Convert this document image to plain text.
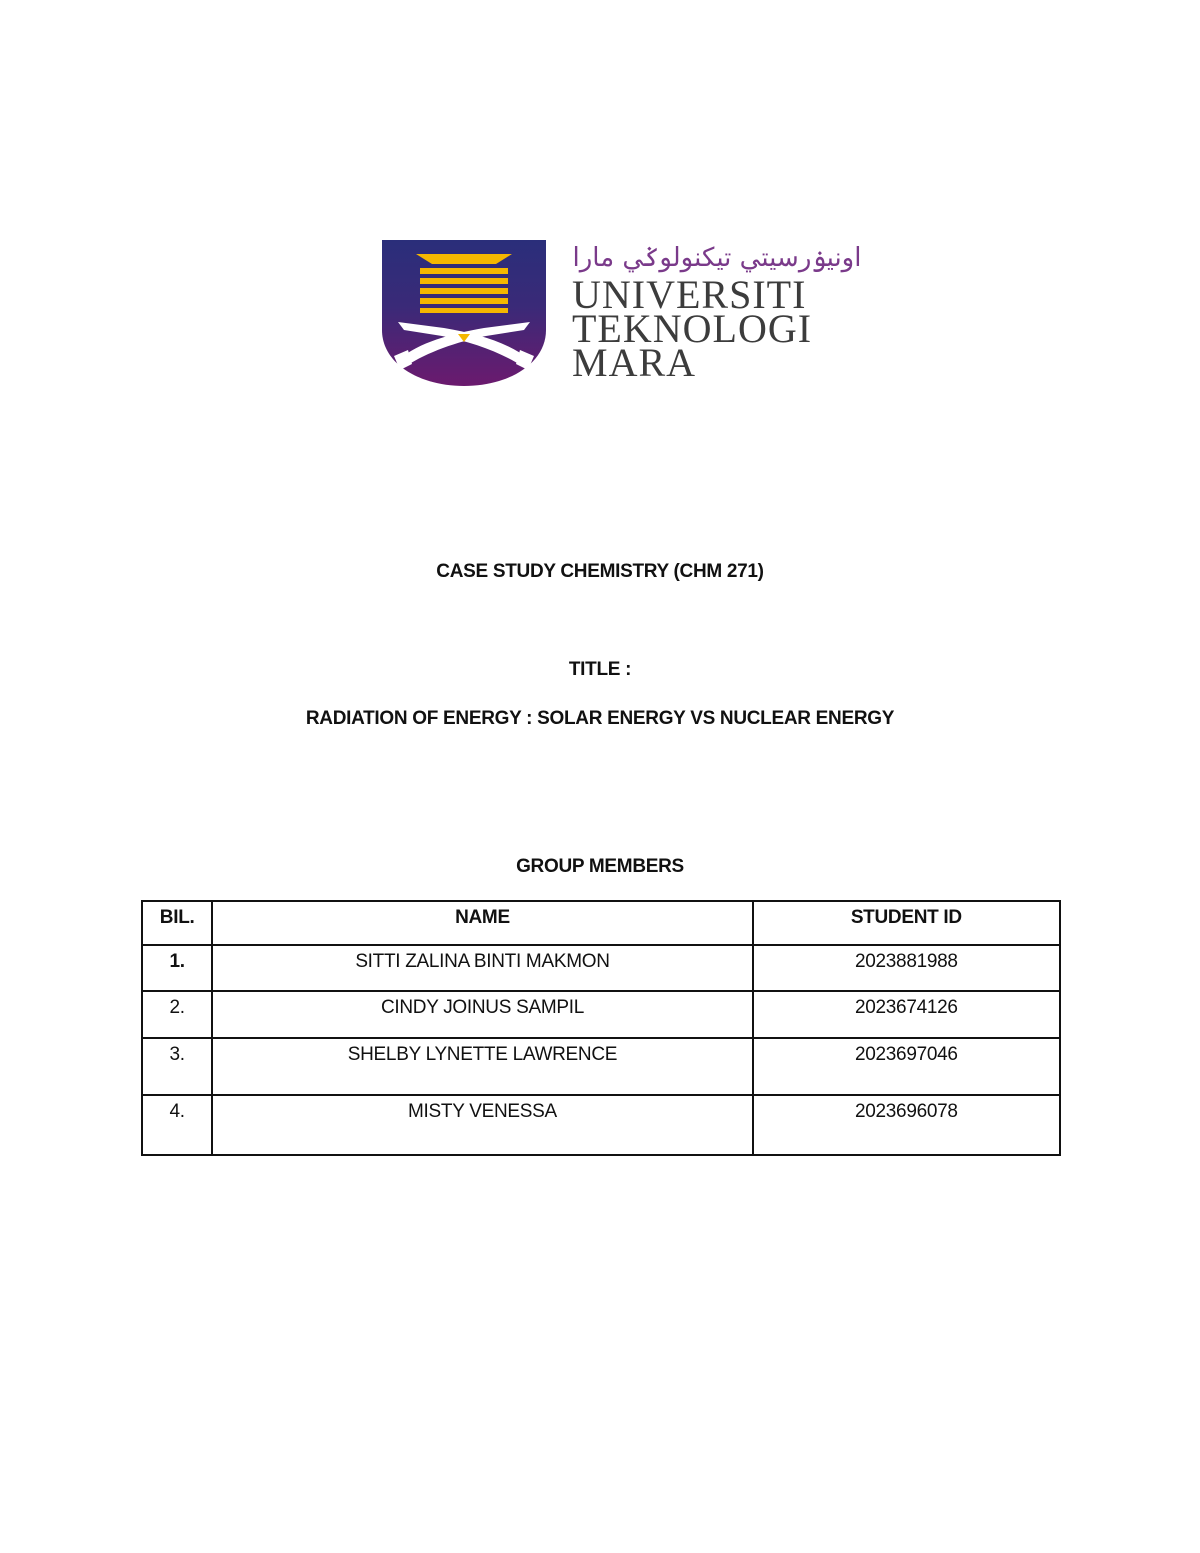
اونيۏرسيتي تيكنولوݢي مارا
UNIVERSITI
TEKNOLOGI
MARA
CASE STUDY CHEMISTRY (CHM 271)
TITLE :
RADIATION OF ENERGY : SOLAR ENERGY VS NUCLEAR ENERGY
GROUP MEMBERS
BIL.	NAME	STUDENT ID
1.	SITTI ZALINA BINTI MAKMON	2023881988
2.	CINDY JOINUS SAMPIL	2023674126
3.	SHELBY LYNETTE LAWRENCE	2023697046
4.	MISTY VENESSA	2023696078
